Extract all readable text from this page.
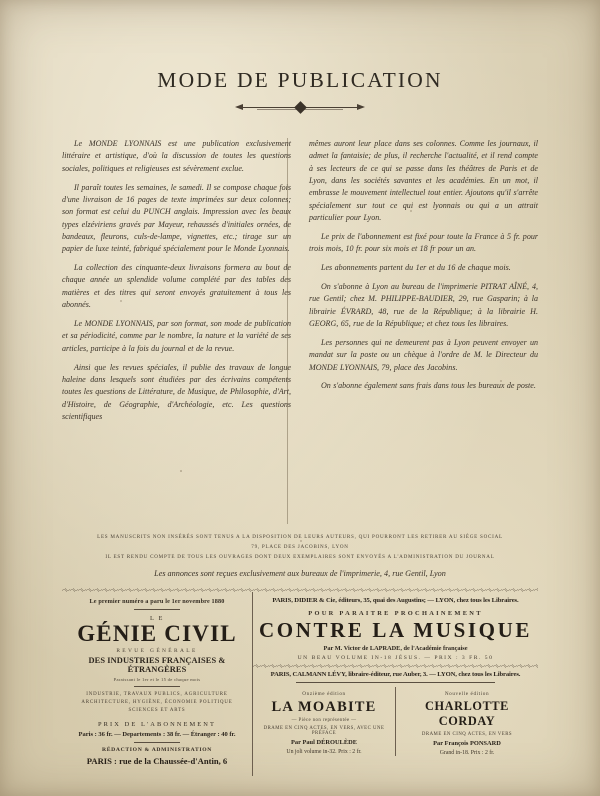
MODE DE PUBLICATION

Le MONDE LYONNAIS est une publication exclusivement littéraire et artistique, d'où la discussion de toutes les questions sociales, politiques et religieuses est sévèrement exclue.

Il paraît toutes les semaines, le samedi. Il se compose chaque fois d'une livraison de 16 pages de texte imprimées sur deux colonnes; son format est celui du PUNCH anglais. Impression avec les beaux types elzéviriens gravés par Mayeur, rehaussés d'initiales ornées, de bandeaux, fleurons, culs-de-lampe, vignettes, etc.; tirage sur un papier de luxe teinté, fabriqué spécialement pour le Monde Lyonnais.

La collection des cinquante-deux livraisons formera au bout de chaque année un splendide volume complété par des tables des matières et des titres qui seront envoyés gratuitement à tous les abonnés.

Le MONDE LYONNAIS, par son format, son mode de publication et sa périodicité, comme par le nombre, la nature et la variété de ses articles, participe à la fois du journal et de la revue.

Ainsi que les revues spéciales, il publie des travaux de longue haleine dans lesquels sont étudiées par des écrivains compétents toutes les questions de Littérature, de Musique, de Philosophie, d'Art, d'Histoire, de Géographie, d'Archéologie, etc. Les questions scientifiques

mêmes auront leur place dans ses colonnes. Comme les journaux, il admet la fantaisie; de plus, il recherche l'actualité, et il rend compte à ses lecteurs de ce qui se passe dans les théâtres de Paris et de Lyon, dans les sociétés savantes et les académies. En un mot, il embrasse le mouvement intellectuel tout entier. Ajoutons qu'il s'arrête spécialement sur tout ce qui est lyonnais ou qui a un attrait particulier pour Lyon.

Le prix de l'abonnement est fixé pour toute la France à 5 fr. pour trois mois, 10 fr. pour six mois et 18 fr pour un an.

Les abonnements partent du 1er et du 16 de chaque mois.

On s'abonne à Lyon au bureau de l'imprimerie PITRAT AÎNÉ, 4, rue Gentil; chez M. PHILIPPE-BAUDIER, 29, rue Gasparin; à la librairie ÉVRARD, 48, rue de la République; à la librairie H. GEORG, 65, rue de la République; et chez tous les libraires.

Les personnes qui ne demeurent pas à Lyon peuvent envoyer un mandat sur la poste ou un chèque à l'ordre de M. le Directeur du MONDE LYONNAIS, 79, place des Jacobins.

On s'abonne également sans frais dans tous les bureaux de poste.

LES MANUSCRITS NON INSÉRÉS SONT TENUS A LA DISPOSITION DE LEURS AUTEURS, QUI POURRONT LES RETIRER AU SIÈGE SOCIAL
79, PLACE DES JACOBINS, LYON
IL EST RENDU COMPTE DE TOUS LES OUVRAGES DONT DEUX EXEMPLAIRES SONT ENVOYÉS A L'ADMINISTRATION DU JOURNAL
Les annonces sont reçues exclusivement aux bureaux de l'imprimerie, 4, rue Gentil, Lyon
Le premier numéro a paru le 1er novembre 1880
L E
GÉNIE CIVIL
REVUE GÉNÉRALE
DES INDUSTRIES FRANÇAISES & ÉTRANGÈRES
Paraissant le 1er et le 15 de chaque mois
INDUSTRIE, TRAVAUX PUBLICS, AGRICULTURE
ARCHITECTURE, HYGIÈNE, ÉCONOMIE POLITIQUE
SCIENCES ET ARTS
PRIX DE L'ABONNEMENT
Paris : 36 fr. — Departements : 38 fr. — Étranger : 40 fr.
RÉDACTION & ADMINISTRATION
PARIS : rue de la Chaussée-d'Antin, 6
PARIS, DIDIER & Cie, éditeurs, 35, quai des Augustins; — LYON, chez tous les Libraires.
POUR PARAITRE PROCHAINEMENT
CONTRE LA MUSIQUE
Par M. Victor de LAPRADE, de l'Académie française
UN BEAU VOLUME IN-18 JÉSUS. — PRIX : 3 FR. 50
PARIS, CALMANN LÉVY, libraire-éditeur, rue Auber, 3. — LYON, chez tous les Libraires.
Onzième édition
LA MOABITE
— Pièce non représentée —
DRAME EN CINQ ACTES, EN VERS, AVEC UNE PRÉFACE
Par Paul DÉROULÈDE
Un joli volume in-32. Prix : 2 fr.
Nouvelle édition
CHARLOTTE CORDAY
DRAME EN CINQ ACTES, EN VERS
Par François PONSARD
Grand in-18. Prix : 2 fr.
